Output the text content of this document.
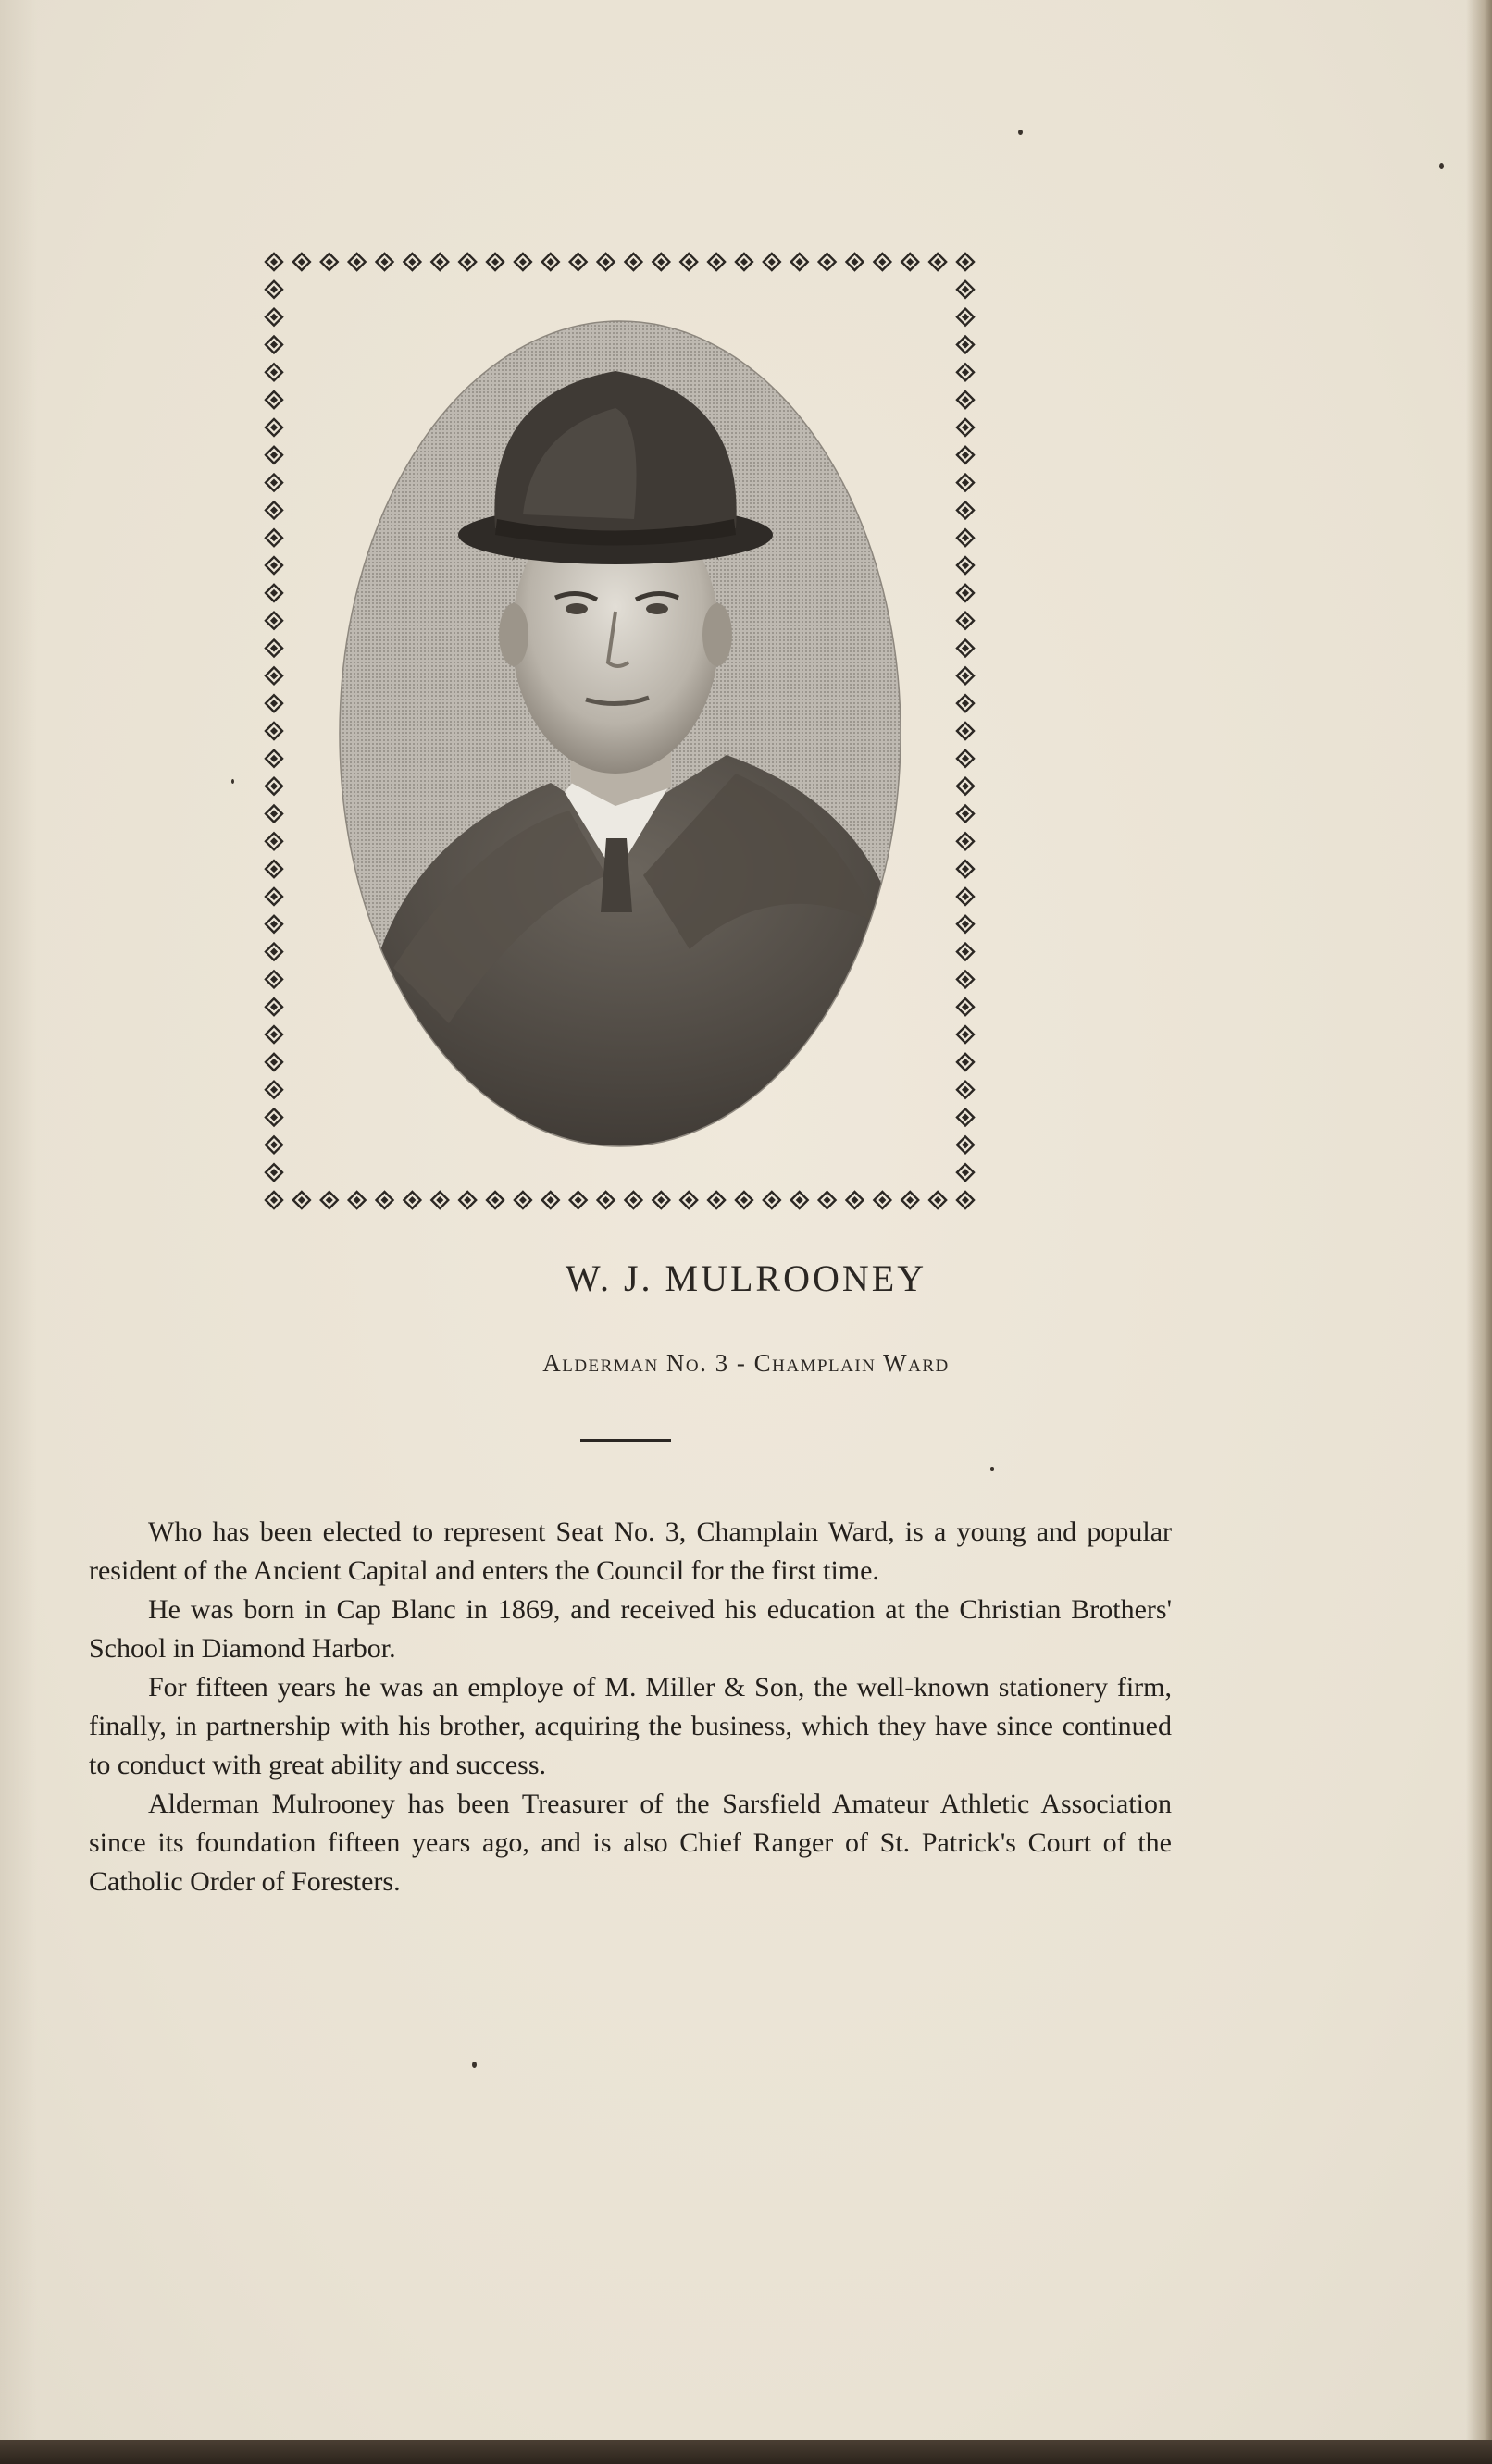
W. J. MULROONEY
Alderman No. 3 - Champlain Ward

Who has been elected to represent Seat No. 3, Champlain Ward, is a young and popular resident of the Ancient Capital and enters the Council for the first time.

He was born in Cap Blanc in 1869, and received his education at the Christian Brothers' School in Diamond Harbor.

For fifteen years he was an employe of M. Miller & Son, the well-known stationery firm, finally, in partnership with his brother, acquiring the business, which they have since continued to conduct with great ability and success.

Alderman Mulrooney has been Treasurer of the Sarsfield Amateur Athletic Association since its foundation fifteen years ago, and is also Chief Ranger of St. Patrick's Court of the Catholic Order of Foresters.
